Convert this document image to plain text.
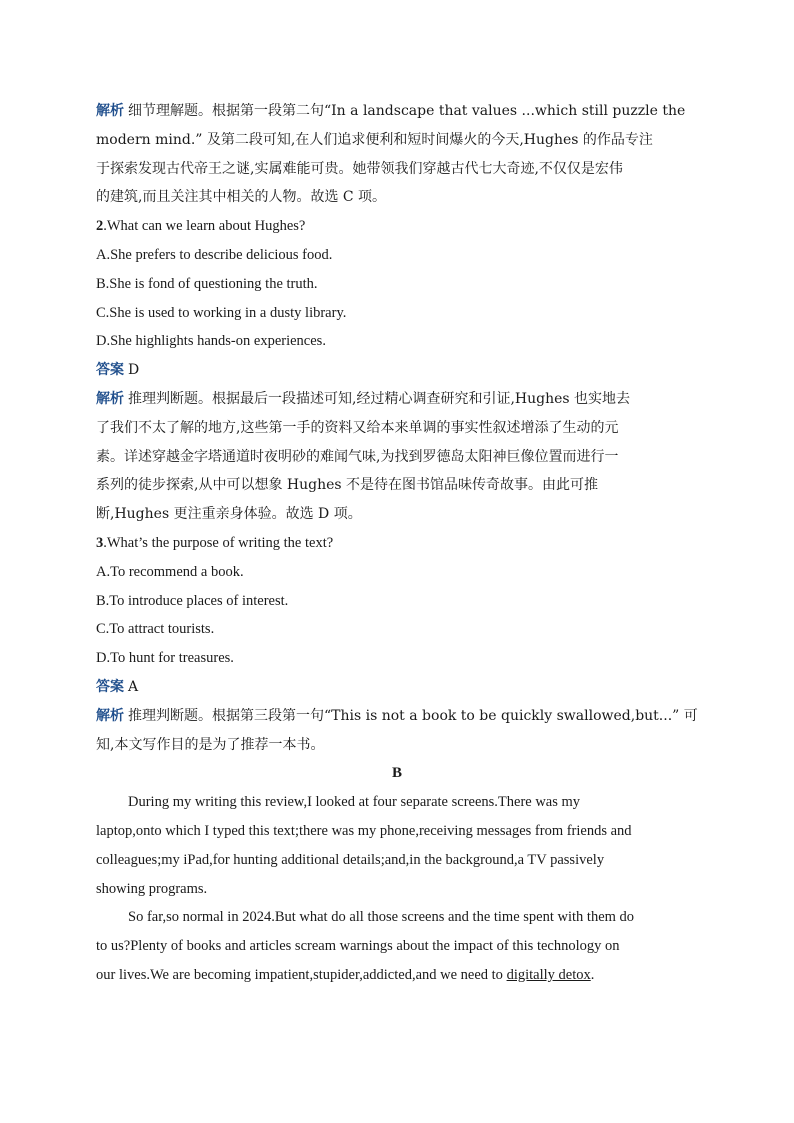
解析 细节理解题。根据第一段第二句“In a landscape that values ...which still puzzle the
modern mind.” 及第二段可知,在人们追求便利和短时间爆火的今天,Hughes 的作品专注
于探索发现古代帝王之谜,实属难能可贵。她带领我们穿越古代七大奇迹,不仅仅是宏伟
的建筑,而且关注其中相关的人物。故选 C 项。
2.What can we learn about Hughes?
A.She prefers to describe delicious food.
B.She is fond of questioning the truth.
C.She is used to working in a dusty library.
D.She highlights hands-on experiences.
答案 D
解析 推理判断题。根据最后一段描述可知,经过精心调查研究和引证,Hughes 也实地去
了我们不太了解的地方,这些第一手的资料又给本来单调的事实性叙述增添了生动的元
素。详述穿越金字塔通道时夜明砂的难闻气味,为找到罗德岛太阳神巨像位置而进行一
系列的徒步探索,从中可以想象 Hughes 不是待在图书馆品味传奇故事。由此可推
断,Hughes 更注重亲身体验。故选 D 项。
3.What’s the purpose of writing the text?
A.To recommend a book.
B.To introduce places of interest.
C.To attract tourists.
D.To hunt for treasures.
答案 A
解析 推理判断题。根据第三段第一句“This is not a book to be quickly swallowed,but...” 可
知,本文写作目的是为了推荐一本书。
B
During my writing this review,I looked at four separate screens.There was my
laptop,onto which I typed this text;there was my phone,receiving messages from friends and
colleagues;my iPad,for hunting additional details;and,in the background,a TV passively
showing programs.
So far,so normal in 2024.But what do all those screens and the time spent with them do
to us?Plenty of books and articles scream warnings about the impact of this technology on
our lives.We are becoming impatient,stupider,addicted,and we need to digitally detox.
